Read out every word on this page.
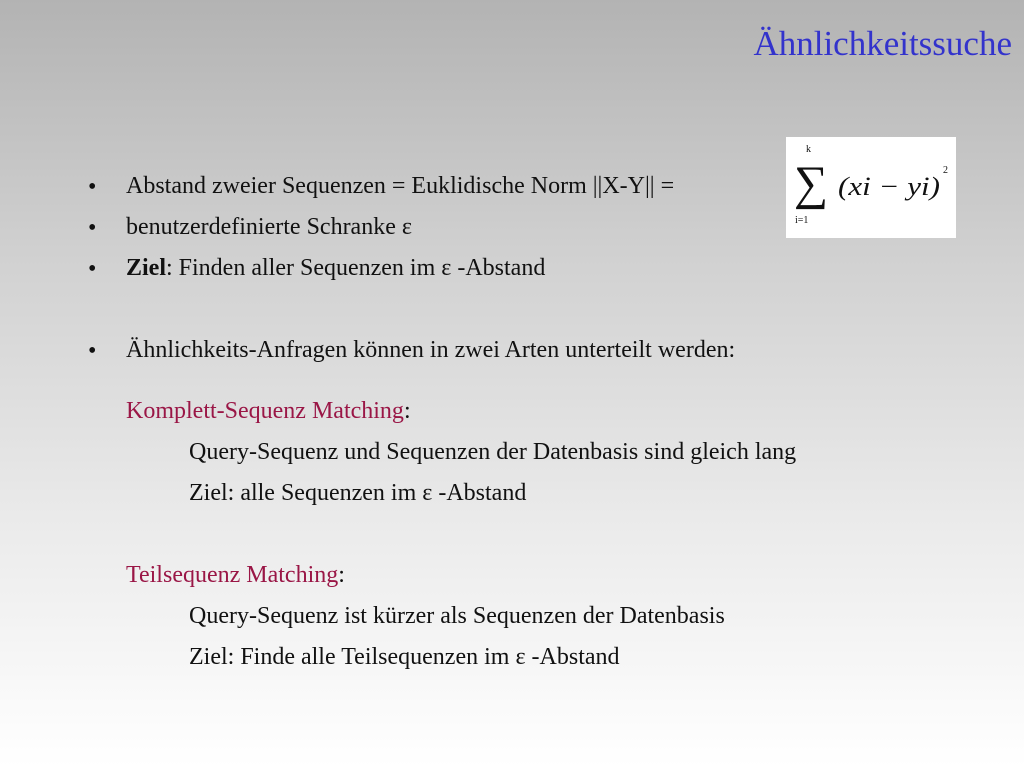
Ähnlichkeitssuche
• Abstand zweier Sequenzen = Euklidische Norm ||X-Y|| =
k
∑
i=1
(xi − yi)
2
• benutzerdefinierte Schranke ε
• Ziel: Finden aller Sequenzen im ε -Abstand
• Ähnlichkeits-Anfragen können in zwei Arten unterteilt werden:
Komplett-Sequenz Matching:
Query-Sequenz und Sequenzen der Datenbasis sind gleich lang
Ziel: alle Sequenzen im ε -Abstand
Teilsequenz Matching:
Query-Sequenz ist kürzer als Sequenzen der Datenbasis
Ziel: Finde alle Teilsequenzen im ε -Abstand
